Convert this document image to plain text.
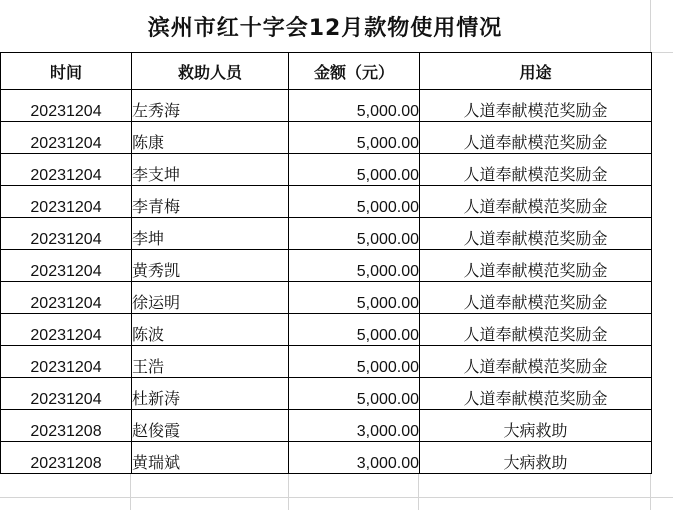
滨州市红十字会12月款物使用情况
时间	救助人员	金额（元）	用途
20231204	左秀海	5,000.00	人道奉献模范奖励金
20231204	陈康	5,000.00	人道奉献模范奖励金
20231204	李支坤	5,000.00	人道奉献模范奖励金
20231204	李青梅	5,000.00	人道奉献模范奖励金
20231204	李坤	5,000.00	人道奉献模范奖励金
20231204	黄秀凯	5,000.00	人道奉献模范奖励金
20231204	徐运明	5,000.00	人道奉献模范奖励金
20231204	陈波	5,000.00	人道奉献模范奖励金
20231204	王浩	5,000.00	人道奉献模范奖励金
20231204	杜新涛	5,000.00	人道奉献模范奖励金
20231208	赵俊霞	3,000.00	大病救助
20231208	黄瑞斌	3,000.00	大病救助
